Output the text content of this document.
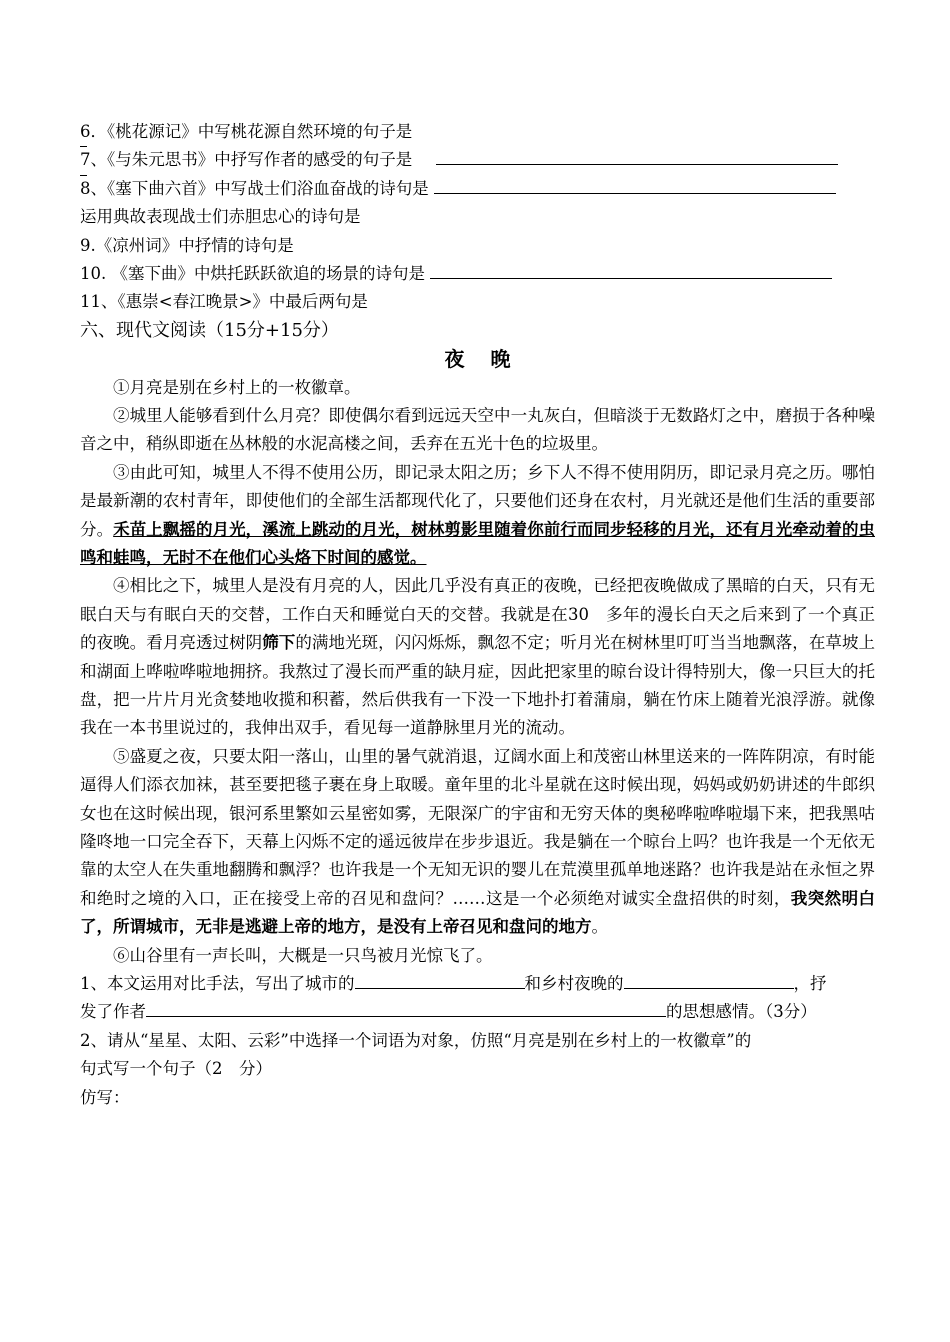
6．《桃花源记》中写桃花源自然环境的句子是
7、《与朱元思书》中抒写作者的感受的句子是
8、《塞下曲六首》中写战士们浴血奋战的诗句是
运用典故表现战士们赤胆忠心的诗句是
9.《凉州词》中抒情的诗句是
10. 《塞下曲》中烘托跃跃欲追的场景的诗句是
11、《惠崇<春江晚景>》中最后两句是
六、现代文阅读（15分+15分）
夜 晚
①月亮是别在乡村上的一枚徽章。
②城里人能够看到什么月亮？即使偶尔看到远远天空中一丸灰白，但暗淡于无数路灯之中，磨损于各种噪音之中，稍纵即逝在丛林般的水泥高楼之间，丢弃在五光十色的垃圾里。
③由此可知，城里人不得不使用公历，即记录太阳之历；乡下人不得不使用阴历，即记录月亮之历。哪怕是最新潮的农村青年，即使他们的全部生活都现代化了，只要他们还身在农村，月光就还是他们生活的重要部分。禾苗上飘摇的月光，溪流上跳动的月光，树林剪影里随着你前行而同步轻移的月光，还有月光牵动着的虫鸣和蛙鸣，无时不在他们心头烙下时间的感觉。
④相比之下，城里人是没有月亮的人，因此几乎没有真正的夜晚，已经把夜晚做成了黑暗的白天，只有无眠白天与有眠白天的交替，工作白天和睡觉白天的交替。我就是在30　多年的漫长白天之后来到了一个真正的夜晚。看月亮透过树阴筛下的满地光斑，闪闪烁烁，飘忽不定；听月光在树林里叮叮当当地飘落，在草坡上和湖面上哗啦哗啦地拥挤。我熬过了漫长而严重的缺月症，因此把家里的晾台设计得特别大，像一只巨大的托盘，把一片片月光贪婪地收揽和积蓄，然后供我有一下没一下地扑打着蒲扇，躺在竹床上随着光浪浮游。就像我在一本书里说过的，我伸出双手，看见每一道静脉里月光的流动。
⑤盛夏之夜，只要太阳一落山，山里的暑气就消退，辽阔水面上和茂密山林里送来的一阵阵阴凉，有时能逼得人们添衣加袜，甚至要把毯子裹在身上取暖。童年里的北斗星就在这时候出现，妈妈或奶奶讲述的牛郎织女也在这时候出现，银河系里繁如云星密如雾，无限深广的宇宙和无穷天体的奥秘哗啦哗啦塌下来，把我黑咕隆咚地一口完全吞下，天幕上闪烁不定的遥远彼岸在步步退近。我是躺在一个晾台上吗？也许我是一个无依无靠的太空人在失重地翻腾和飘浮？也许我是一个无知无识的婴儿在荒漠里孤单地迷路？也许我是站在永恒之界和绝时之境的入口，正在接受上帝的召见和盘问？……这是一个必须绝对诚实全盘招供的时刻，我突然明白了，所谓城市，无非是逃避上帝的地方，是没有上帝召见和盘问的地方。
⑥山谷里有一声长叫，大概是一只鸟被月光惊飞了。
1、本文运用对比手法，写出了城市的	和乡村夜晚的	，抒
发了作者	的思想感情。（3分）
2、请从“星星、太阳、云彩”中选择一个词语为对象，仿照“月亮是别在乡村上的一枚徽章”的
句式写一个句子（2　分）
仿写：
